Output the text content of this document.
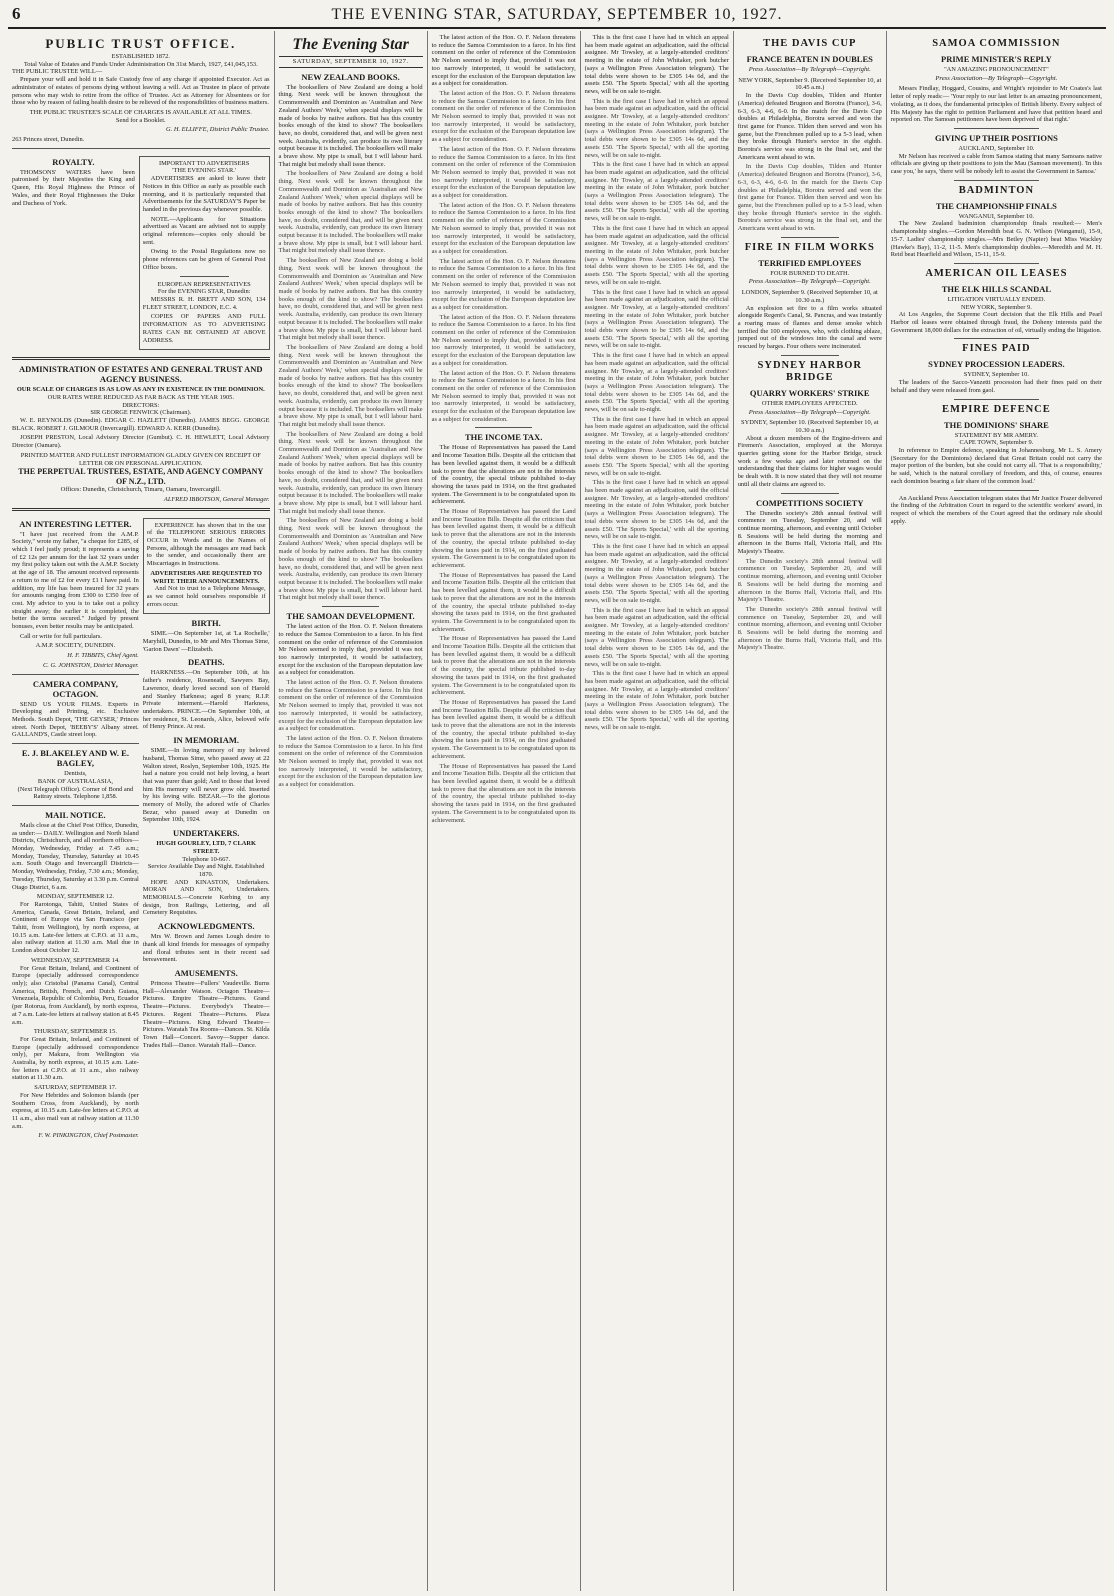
6	THE EVENING STAR, SATURDAY, SEPTEMBER 10, 1927.
PUBLIC TRUST OFFICE.
ESTABLISHED 1872.
Total Value of Estates and Funds Under Administration On 31st March, 1927, £41,045,153.
THE PUBLIC TRUSTEE WILL—

Prepare your will and hold it in Safe Custody free of any charge if appointed Executor. Act as administrator of estates of persons dying without leaving a will. Act as Trustee in place of private persons who may wish to retire from the office of Trustee. Act as Attorney for Absentees or for those who by reason of failing health desire to be relieved of the responsibilities of business matters.

THE PUBLIC TRUSTEE'S SCALE OF CHARGES IS AVAILABLE AT ALL TIMES.
Send for a Booklet.
G. H. ELLIFFE, District Public Trustee.
263 Princes street, Dunedin.
ROYALTY.

THOMSONS' WATERS have been patronised by their Majesties the King and Queen, His Royal Highness the Prince of Wales, and their Royal Highnesses the Duke and Duchess of York.

IMPORTANT TO ADVERTISERS
'THE EVENING STAR.'

ADVERTISERS are asked to leave their Notices in this Office as early as possible each morning, and it is particularly requested that Advertisements for the SATURDAY'S Paper be handed in the previous day whenever possible.

NOTE.—Applicants for Situations advertised as Vacant are advised not to supply original references—copies only should be sent.

Owing to the Postal Regulations now no phone references can be given of General Post Office boxes.

EUROPEAN REPRESENTATIVES
For the EVENING STAR, Dunedin:

MESSRS R. H. BRETT AND SON, 134 FLEET STREET, LONDON, E.C. 4.

COPIES OF PAPERS AND FULL INFORMATION AS TO ADVERTISING RATES CAN BE OBTAINED AT ABOVE ADDRESS.

ADMINISTRATION OF ESTATES AND GENERAL TRUST AND AGENCY BUSINESS.
OUR SCALE OF CHARGES IS AS LOW AS ANY IN EXISTENCE IN THE DOMINION.
OUR RATES WERE REDUCED AS FAR BACK AS THE YEAR 1905.
DIRECTORS:
SIR GEORGE FENWICK (Chairman).

W. E. REYNOLDS (Dunedin). EDGAR C. HAZLETT (Dunedin). JAMES BEGG. GEORGE BLACK. ROBERT J. GILMOUR (Invercargill). EDWARD A. KERR (Dunedin).

JOSEPH PRESTON, Local Advisory Director (Gumbut). C. H. HEWLETT, Local Advisory Director (Oamaru).

PRINTED MATTER AND FULLEST INFORMATION GLADLY GIVEN ON RECEIPT OF LETTER OR ON PERSONAL APPLICATION.
THE PERPETUAL TRUSTEES, ESTATE, AND AGENCY COMPANY OF N.Z., LTD.
Offices: Dunedin, Christchurch, Timaru, Oamaru, Invercargill.
ALFRED IBBOTSON, General Manager.
AN INTERESTING LETTER.

"I have just received from the A.M.P. Society," wrote my father, "a cheque for £285, of which I feel justly proud; it represents a saving of £2 12s per annum for the last 32 years under my first policy taken out with the A.M.P. Society at the age of 18. The amount received represents a return to me of £2 for every £1 I have paid. In addition, my life has been insured for 32 years for amounts ranging from £300 to £350 free of cost. My advice to you is to take out a policy straight away; the earlier it is completed, the better the terms secured." Judged by present bonuses, even better results may be anticipated.

Call or write for full particulars.

A.M.P. SOCIETY, DUNEDIN.
H. F. TIBBITS, Chief Agent.
C. G. JOHNSTON, District Manager.
CAMERA COMPANY, OCTAGON.

SEND US YOUR FILMS. Experts in Developing and Printing, etc. Exclusive Methods. South Depot, 'THE GEYSER,' Princes street. North Depot, 'BEEBY'S' Albany street. GALLAND'S, Castle street loop.

E. J. BLAKELEY AND W. E. BAGLEY,
Dentists,
BANK OF AUSTRALASIA,
(Next Telegraph Office). Corner of Bond and Rattray streets. Telephone 1,858.
MAIL NOTICE.

Mails close at the Chief Post Office, Dunedin, as under:— DAILY. Wellington and North Island Districts, Christchurch, and all northern offices—Monday, Wednesday, Friday at 7.45 a.m.; Monday, Tuesday, Thursday, Saturday at 10.45 a.m. South Otago and Invercargill Districts—Monday, Wednesday, Friday, 7.30 a.m.; Monday, Tuesday, Thursday, Saturday at 3.30 p.m. Central Otago District, 6 a.m.

MONDAY, SEPTEMBER 12.

For Rarotonga, Tahiti, United States of America, Canada, Great Britain, Ireland, and Continent of Europe via San Francisco (per Tahiti, from Wellington), by north express, at 10.15 a.m. Late-fee letters at C.P.O. at 11 a.m., also railway station at 11.30 a.m. Mail due in London about October 12.

WEDNESDAY, SEPTEMBER 14.

For Great Britain, Ireland, and Continent of Europe (specially addressed correspondence only); also Cristobal (Panama Canal), Central America, British, French, and Dutch Guiana, Venezuela, Republic of Colombia, Peru, Ecuador (per Rotorua, from Auckland), by north express, at 7 a.m. Late-fee letters at railway station at 8.45 a.m.

THURSDAY, SEPTEMBER 15.

For Great Britain, Ireland, and Continent of Europe (specially addressed correspondence only), per Makura, from Wellington via Australia, by north express, at 10.15 a.m. Late-fee letters at C.P.O. at 11 a.m., also railway station at 11.30 a.m.

SATURDAY, SEPTEMBER 17.

For New Hebrides and Solomon Islands (per Southern Cross, from Auckland), by north express, at 10.15 a.m. Late-fee letters at C.P.O. at 11 a.m., also mail van at railway station at 11.30 a.m.

F. W. PINKINGTON, Chief Postmaster.

EXPERIENCE has shown that in the use of the TELEPHONE SERIOUS ERRORS OCCUR in Words and in the Names of Persons, although the messages are read back to the sender, and occasionally there are Miscarriages in Instructions.

ADVERTISERS ARE REQUESTED TO WRITE THEIR ANNOUNCEMENTS.

And Not to trust to a Telephone Message, as we cannot hold ourselves responsible if errors occur.

BIRTH.

SIME.—On September 1st, at 'La Rochelle,' Maryhill, Dunedin, to Mr and Mrs Thomas Sime, 'Garion Dawn' —Elizabeth.

DEATHS.

HARKNESS.—On September 10th, at his father's residence, Roseneath, Sawyers Bay, Lawrence, dearly loved second son of Harold and Stanley Harkness; aged 8 years; R.I.P. Private interment.—Harold Harkness, undertakers. PRINCE.—On September 10th, at her residence, St. Leonards, Alice, beloved wife of Henry Prince. At rest.

IN MEMORIAM.

SIME.—In loving memory of my beloved husband, Thomas Sime, who passed away at 22 Walton street, Roslyn, September 10th, 1925. He had a nature you could not help loving, a heart that was purer than gold; And to those that loved him His memory will never grow old. Inserted by his loving wife. BEZAR.—To the glorious memory of Molly, the adored wife of Charles Bezar, who passed away at Dunedin on September 10th, 1924.

UNDERTAKERS.
HUGH GOURLEY, LTD, 7 CLARK STREET.
Telephone 10-667.
Service Available Day and Night. Established 1870.

HOPE AND KINASTON, Undertakers. MORAN AND SON, Undertakers. MEMORIALS.—Concrete Kerbing to any design, Iron Railings, Lettering, and all Cemetery Requisites.

ACKNOWLEDGMENTS.

Mrs W. Brown and James Lough desire to thank all kind friends for messages of sympathy and floral tributes sent in their recent sad bereavement.

AMUSEMENTS.

Princess Theatre—Fullers' Vaudeville. Burns Hall—Alexander Watson. Octagon Theatre—Pictures. Empire Theatre—Pictures. Grand Theatre—Pictures. Everybody's Theatre—Pictures. Regent Theatre—Pictures. Plaza Theatre—Pictures. King Edward Theatre—Pictures. Waratah Tea Rooms—Dances. St. Kilda Town Hall—Concert. Savoy—Supper dance. Trades Hall—Dance. Waratah Hall—Dance.

The Evening Star
SATURDAY, SEPTEMBER 10, 1927.
NEW ZEALAND BOOKS.

The booksellers of New Zealand are doing a bold thing. Next week will be known throughout the Commonwealth and Dominion as 'Australian and New Zealand Authors' Week,' when special displays will be made of books by native authors. But has this country books enough of the kind to show? The booksellers have, no doubt, considered that, and will be given next week. Australia, evidently, can produce its own literary output because it is included. The booksellers will make a brave show. My pipe is small, but I will labour hard. That might but melody shall issue thence.

The booksellers of New Zealand are doing a bold thing. Next week will be known throughout the Commonwealth and Dominion as 'Australian and New Zealand Authors' Week,' when special displays will be made of books by native authors. But has this country books enough of the kind to show? The booksellers have, no doubt, considered that, and will be given next week. Australia, evidently, can produce its own literary output because it is included. The booksellers will make a brave show. My pipe is small, but I will labour hard. That might but melody shall issue thence.

The booksellers of New Zealand are doing a bold thing. Next week will be known throughout the Commonwealth and Dominion as 'Australian and New Zealand Authors' Week,' when special displays will be made of books by native authors. But has this country books enough of the kind to show? The booksellers have, no doubt, considered that, and will be given next week. Australia, evidently, can produce its own literary output because it is included. The booksellers will make a brave show. My pipe is small, but I will labour hard. That might but melody shall issue thence.

The booksellers of New Zealand are doing a bold thing. Next week will be known throughout the Commonwealth and Dominion as 'Australian and New Zealand Authors' Week,' when special displays will be made of books by native authors. But has this country books enough of the kind to show? The booksellers have, no doubt, considered that, and will be given next week. Australia, evidently, can produce its own literary output because it is included. The booksellers will make a brave show. My pipe is small, but I will labour hard. That might but melody shall issue thence.

The booksellers of New Zealand are doing a bold thing. Next week will be known throughout the Commonwealth and Dominion as 'Australian and New Zealand Authors' Week,' when special displays will be made of books by native authors. But has this country books enough of the kind to show? The booksellers have, no doubt, considered that, and will be given next week. Australia, evidently, can produce its own literary output because it is included. The booksellers will make a brave show. My pipe is small, but I will labour hard. That might but melody shall issue thence.

The booksellers of New Zealand are doing a bold thing. Next week will be known throughout the Commonwealth and Dominion as 'Australian and New Zealand Authors' Week,' when special displays will be made of books by native authors. But has this country books enough of the kind to show? The booksellers have, no doubt, considered that, and will be given next week. Australia, evidently, can produce its own literary output because it is included. The booksellers will make a brave show. My pipe is small, but I will labour hard. That might but melody shall issue thence.

THE SAMOAN DEVELOPMENT.

The latest action of the Hon. O. F. Nelson threatens to reduce the Samoa Commission to a farce. In his first comment on the order of reference of the Commission Mr Nelson seemed to imply that, provided it was not too narrowly interpreted, it would be satisfactory, except for the exclusion of the European deputation law as a subject for consideration.

The latest action of the Hon. O. F. Nelson threatens to reduce the Samoa Commission to a farce. In his first comment on the order of reference of the Commission Mr Nelson seemed to imply that, provided it was not too narrowly interpreted, it would be satisfactory, except for the exclusion of the European deputation law as a subject for consideration.

The latest action of the Hon. O. F. Nelson threatens to reduce the Samoa Commission to a farce. In his first comment on the order of reference of the Commission Mr Nelson seemed to imply that, provided it was not too narrowly interpreted, it would be satisfactory, except for the exclusion of the European deputation law as a subject for consideration.

The latest action of the Hon. O. F. Nelson threatens to reduce the Samoa Commission to a farce. In his first comment on the order of reference of the Commission Mr Nelson seemed to imply that, provided it was not too narrowly interpreted, it would be satisfactory, except for the exclusion of the European deputation law as a subject for consideration.

The latest action of the Hon. O. F. Nelson threatens to reduce the Samoa Commission to a farce. In his first comment on the order of reference of the Commission Mr Nelson seemed to imply that, provided it was not too narrowly interpreted, it would be satisfactory, except for the exclusion of the European deputation law as a subject for consideration.

The latest action of the Hon. O. F. Nelson threatens to reduce the Samoa Commission to a farce. In his first comment on the order of reference of the Commission Mr Nelson seemed to imply that, provided it was not too narrowly interpreted, it would be satisfactory, except for the exclusion of the European deputation law as a subject for consideration.

The latest action of the Hon. O. F. Nelson threatens to reduce the Samoa Commission to a farce. In his first comment on the order of reference of the Commission Mr Nelson seemed to imply that, provided it was not too narrowly interpreted, it would be satisfactory, except for the exclusion of the European deputation law as a subject for consideration.

The latest action of the Hon. O. F. Nelson threatens to reduce the Samoa Commission to a farce. In his first comment on the order of reference of the Commission Mr Nelson seemed to imply that, provided it was not too narrowly interpreted, it would be satisfactory, except for the exclusion of the European deputation law as a subject for consideration.

The latest action of the Hon. O. F. Nelson threatens to reduce the Samoa Commission to a farce. In his first comment on the order of reference of the Commission Mr Nelson seemed to imply that, provided it was not too narrowly interpreted, it would be satisfactory, except for the exclusion of the European deputation law as a subject for consideration.

The latest action of the Hon. O. F. Nelson threatens to reduce the Samoa Commission to a farce. In his first comment on the order of reference of the Commission Mr Nelson seemed to imply that, provided it was not too narrowly interpreted, it would be satisfactory, except for the exclusion of the European deputation law as a subject for consideration.

THE INCOME TAX.

The House of Representatives has passed the Land and Income Taxation Bills. Despite all the criticism that has been levelled against them, it would be a difficult task to prove that the alterations are not in the interests of the country, the special tribute published to-day showing the taxes paid in 1914, on the first graduated system. The Government is to be congratulated upon its achievement.

The House of Representatives has passed the Land and Income Taxation Bills. Despite all the criticism that has been levelled against them, it would be a difficult task to prove that the alterations are not in the interests of the country, the special tribute published to-day showing the taxes paid in 1914, on the first graduated system. The Government is to be congratulated upon its achievement.

The House of Representatives has passed the Land and Income Taxation Bills. Despite all the criticism that has been levelled against them, it would be a difficult task to prove that the alterations are not in the interests of the country, the special tribute published to-day showing the taxes paid in 1914, on the first graduated system. The Government is to be congratulated upon its achievement.

The House of Representatives has passed the Land and Income Taxation Bills. Despite all the criticism that has been levelled against them, it would be a difficult task to prove that the alterations are not in the interests of the country, the special tribute published to-day showing the taxes paid in 1914, on the first graduated system. The Government is to be congratulated upon its achievement.

The House of Representatives has passed the Land and Income Taxation Bills. Despite all the criticism that has been levelled against them, it would be a difficult task to prove that the alterations are not in the interests of the country, the special tribute published to-day showing the taxes paid in 1914, on the first graduated system. The Government is to be congratulated upon its achievement.

The House of Representatives has passed the Land and Income Taxation Bills. Despite all the criticism that has been levelled against them, it would be a difficult task to prove that the alterations are not in the interests of the country, the special tribute published to-day showing the taxes paid in 1914, on the first graduated system. The Government is to be congratulated upon its achievement.

This is the first case I have had in which an appeal has been made against an adjudication, said the official assignee. Mr Towsley, at a largely-attended creditors' meeting in the estate of John Whitaker, pork butcher (says a Wellington Press Association telegram). The total debts were shown to be £305 14s 6d, and the assets £50. 'The Sports Special,' with all the sporting news, will be on sale to-night.

This is the first case I have had in which an appeal has been made against an adjudication, said the official assignee. Mr Towsley, at a largely-attended creditors' meeting in the estate of John Whitaker, pork butcher (says a Wellington Press Association telegram). The total debts were shown to be £305 14s 6d, and the assets £50. 'The Sports Special,' with all the sporting news, will be on sale to-night.

This is the first case I have had in which an appeal has been made against an adjudication, said the official assignee. Mr Towsley, at a largely-attended creditors' meeting in the estate of John Whitaker, pork butcher (says a Wellington Press Association telegram). The total debts were shown to be £305 14s 6d, and the assets £50. 'The Sports Special,' with all the sporting news, will be on sale to-night.

This is the first case I have had in which an appeal has been made against an adjudication, said the official assignee. Mr Towsley, at a largely-attended creditors' meeting in the estate of John Whitaker, pork butcher (says a Wellington Press Association telegram). The total debts were shown to be £305 14s 6d, and the assets £50. 'The Sports Special,' with all the sporting news, will be on sale to-night.

This is the first case I have had in which an appeal has been made against an adjudication, said the official assignee. Mr Towsley, at a largely-attended creditors' meeting in the estate of John Whitaker, pork butcher (says a Wellington Press Association telegram). The total debts were shown to be £305 14s 6d, and the assets £50. 'The Sports Special,' with all the sporting news, will be on sale to-night.

This is the first case I have had in which an appeal has been made against an adjudication, said the official assignee. Mr Towsley, at a largely-attended creditors' meeting in the estate of John Whitaker, pork butcher (says a Wellington Press Association telegram). The total debts were shown to be £305 14s 6d, and the assets £50. 'The Sports Special,' with all the sporting news, will be on sale to-night.

This is the first case I have had in which an appeal has been made against an adjudication, said the official assignee. Mr Towsley, at a largely-attended creditors' meeting in the estate of John Whitaker, pork butcher (says a Wellington Press Association telegram). The total debts were shown to be £305 14s 6d, and the assets £50. 'The Sports Special,' with all the sporting news, will be on sale to-night.

This is the first case I have had in which an appeal has been made against an adjudication, said the official assignee. Mr Towsley, at a largely-attended creditors' meeting in the estate of John Whitaker, pork butcher (says a Wellington Press Association telegram). The total debts were shown to be £305 14s 6d, and the assets £50. 'The Sports Special,' with all the sporting news, will be on sale to-night.

This is the first case I have had in which an appeal has been made against an adjudication, said the official assignee. Mr Towsley, at a largely-attended creditors' meeting in the estate of John Whitaker, pork butcher (says a Wellington Press Association telegram). The total debts were shown to be £305 14s 6d, and the assets £50. 'The Sports Special,' with all the sporting news, will be on sale to-night.

This is the first case I have had in which an appeal has been made against an adjudication, said the official assignee. Mr Towsley, at a largely-attended creditors' meeting in the estate of John Whitaker, pork butcher (says a Wellington Press Association telegram). The total debts were shown to be £305 14s 6d, and the assets £50. 'The Sports Special,' with all the sporting news, will be on sale to-night.

This is the first case I have had in which an appeal has been made against an adjudication, said the official assignee. Mr Towsley, at a largely-attended creditors' meeting in the estate of John Whitaker, pork butcher (says a Wellington Press Association telegram). The total debts were shown to be £305 14s 6d, and the assets £50. 'The Sports Special,' with all the sporting news, will be on sale to-night.

THE DAVIS CUP
FRANCE BEATEN IN DOUBLES
Press Association—By Telegraph—Copyright.
NEW YORK, September 9. (Received September 10, at 10.45 a.m.)

In the Davis Cup doubles, Tilden and Hunter (America) defeated Brugnon and Borotra (France), 3-6, 6-3, 6-3, 4-6, 6-0. In the match for the Davis Cup doubles at Philadelphia, Borotra served and won the first game for France. Tilden then served and won his game, but the Frenchmen pulled up to a 5-3 lead, when they broke through Hunter's service in the eighth. Borotra's service was strong in the final set, and the Americans went ahead to win.

In the Davis Cup doubles, Tilden and Hunter (America) defeated Brugnon and Borotra (France), 3-6, 6-3, 6-3, 4-6, 6-0. In the match for the Davis Cup doubles at Philadelphia, Borotra served and won the first game for France. Tilden then served and won his game, but the Frenchmen pulled up to a 5-3 lead, when they broke through Hunter's service in the eighth. Borotra's service was strong in the final set, and the Americans went ahead to win.

FIRE IN FILM WORKS
TERRIFIED EMPLOYEES
FOUR BURNED TO DEATH.
Press Association—By Telegraph—Copyright.
LONDON, September 9. (Received September 10, at 10.30 a.m.)

An explosion set fire to a film works situated alongside Regent's Canal, St. Pancras, and was instantly a roaring mass of flames and dense smoke which terrified the 100 employees, who, with clothing ablaze, jumped out of the windows into the canal and were rescued by barges. Four others were incinerated.

SYDNEY HARBOR BRIDGE
QUARRY WORKERS' STRIKE
OTHER EMPLOYEES AFFECTED.
Press Association—By Telegraph—Copyright.
SYDNEY, September 10. (Received September 10, at 10.30 a.m.)

About a dozen members of the Engine-drivers and Firemen's Association, employed at the Moruya quarries getting stone for the Harbor Bridge, struck work a few weeks ago and later returned on the understanding that their claims for higher wages would be dealt with. It is now stated that they will not resume until all their claims are agreed to.

COMPETITIONS SOCIETY

The Dunedin society's 28th annual festival will commence on Tuesday, September 20, and will continue morning, afternoon, and evening until October 8. Sessions will be held during the morning and afternoon in the Burns Hall, Victoria Hall, and His Majesty's Theatre.

The Dunedin society's 28th annual festival will commence on Tuesday, September 20, and will continue morning, afternoon, and evening until October 8. Sessions will be held during the morning and afternoon in the Burns Hall, Victoria Hall, and His Majesty's Theatre.

The Dunedin society's 28th annual festival will commence on Tuesday, September 20, and will continue morning, afternoon, and evening until October 8. Sessions will be held during the morning and afternoon in the Burns Hall, Victoria Hall, and His Majesty's Theatre.

SAMOA COMMISSION
PRIME MINISTER'S REPLY
"AN AMAZING PRONOUNCEMENT"
Press Association—By Telegraph—Copyright.

Messrs Findlay, Hoggard, Cousins, and Wright's rejoinder to Mr Coates's last letter of reply reads:— 'Your reply to our last letter is an amazing pronouncement, violating, as it does, the fundamental principles of British liberty. Every subject of His Majesty has the right to petition Parliament and have that petition heard and reported on. The Samoan petitioners have been deprived of that right.'

GIVING UP THEIR POSITIONS
AUCKLAND, September 10.

Mr Nelson has received a cable from Samoa stating that many Samoans native officials are giving up their positions to join the Mau (Samoan movement). 'In this case you,' he says, 'there will be nobody left to assist the Government in Samoa.'

BADMINTON
THE CHAMPIONSHIP FINALS
WANGANUI, September 10.

The New Zealand badminton championship finals resulted:— Men's championship singles.—Gordon Meredith beat G. N. Wilson (Wanganui), 15-9, 15-7. Ladies' championship singles.—Mrs Betley (Napier) beat Miss Wackley (Hawke's Bay), 11-2, 11-5. Men's championship doubles.—Meredith and M. H. Reid beat Hearfield and Wilson, 15-11, 15-9.

AMERICAN OIL LEASES
THE ELK HILLS SCANDAL
LITIGATION VIRTUALLY ENDED.
NEW YORK, September 9.

At Los Angeles, the Supreme Court decision that the Elk Hills and Pearl Harbor oil leases were obtained through fraud, the Doheny interests paid the Government 18,000 dollars for the extraction of oil, virtually ending the litigation.

FINES PAID
SYDNEY PROCESSION LEADERS.
SYDNEY, September 10.

The leaders of the Sacco-Vanzetti procession had their fines paid on their behalf and they were released from gaol.

EMPIRE DEFENCE
THE DOMINIONS' SHARE
STATEMENT BY MR AMERY.
CAPE TOWN, September 9.

In reference to Empire defence, speaking in Johannesburg, Mr L. S. Amery (Secretary for the Dominions) declared that Great Britain could not carry the major portion of the burden, but she could not carry all. 'That is a responsibility,' he said, 'which is the natural corollary of freedom, and this, of course, ensures each dominion bearing a fair share of the common load.'

An Auckland Press Association telegram states that Mr Justice Frazer delivered the finding of the Arbitration Court in regard to the scientific workers' award, in respect of which the members of the Court agreed that the ordinary rule should apply.
